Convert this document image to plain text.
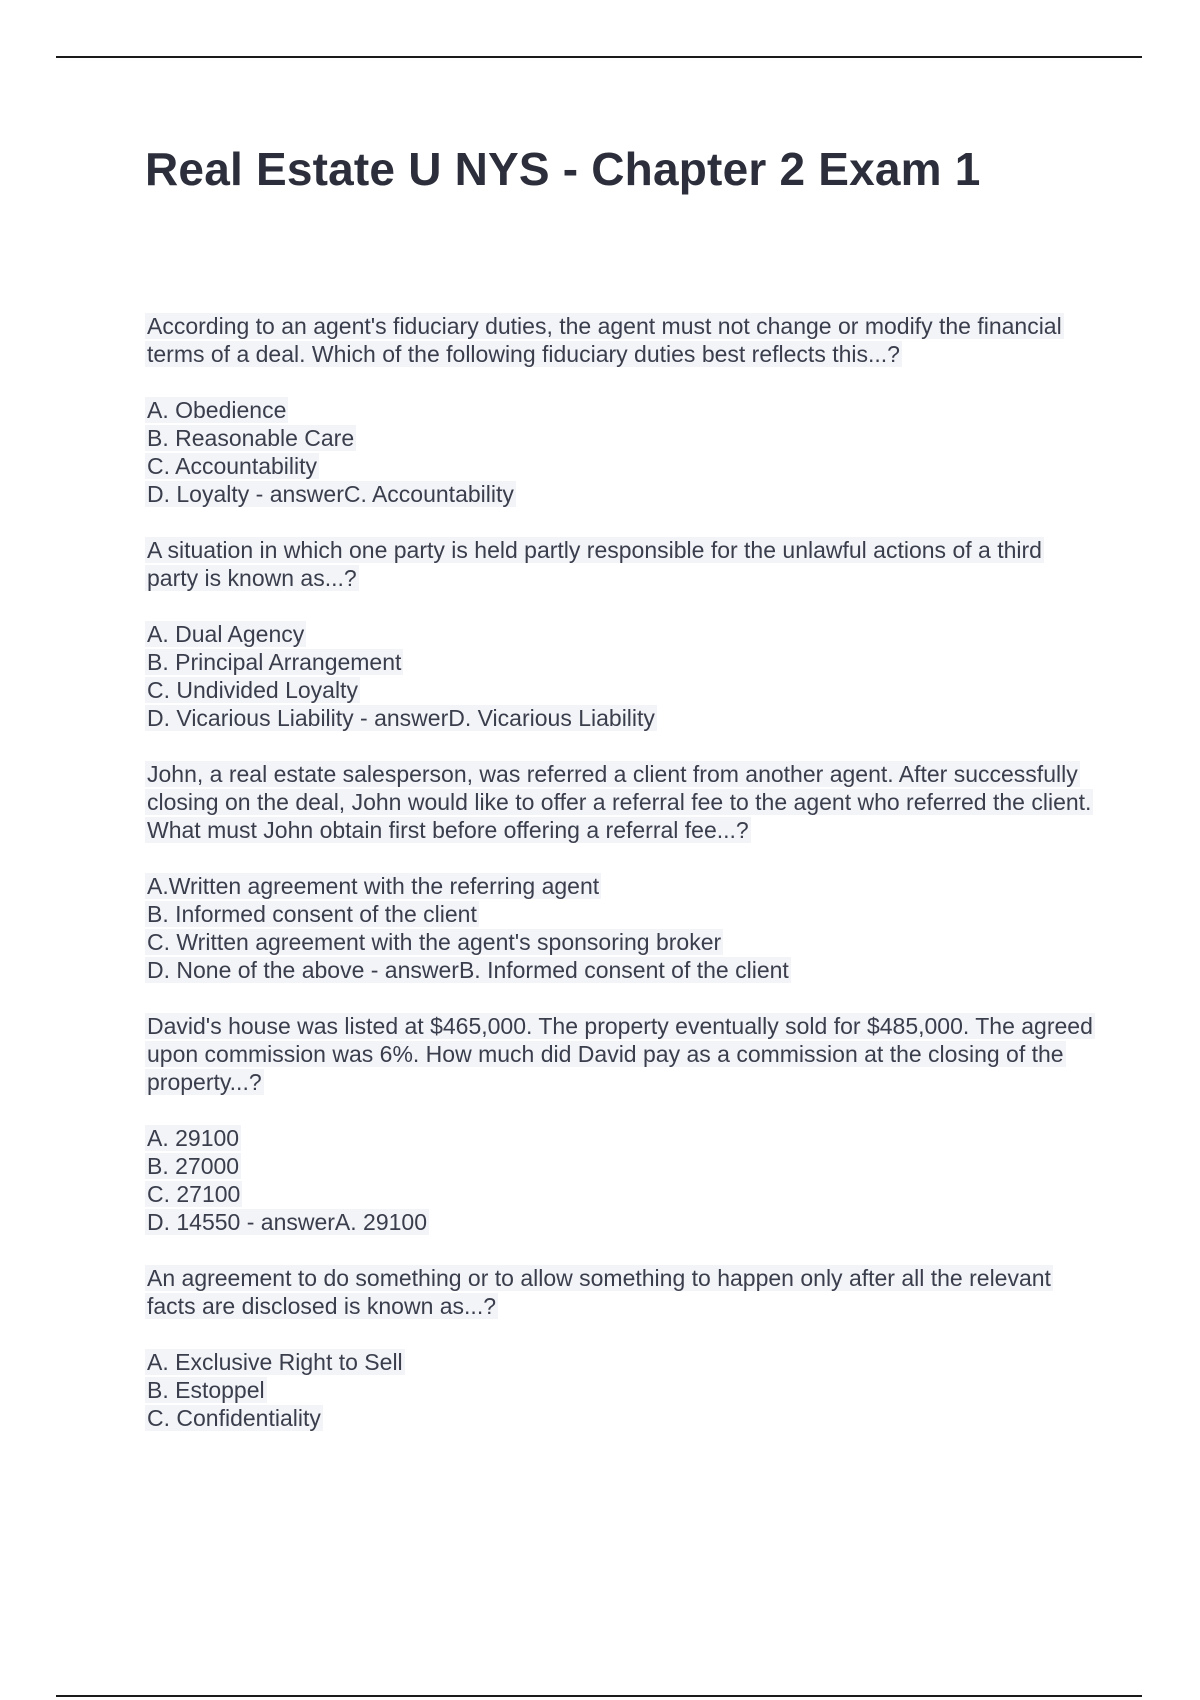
Real Estate U NYS - Chapter 2 Exam 1

According to an agent's fiduciary duties, the agent must not change or modify the financial terms of a deal. Which of the following fiduciary duties best reflects this...?

A. Obedience
B. Reasonable Care
C. Accountability
D. Loyalty - answerC. Accountability

A situation in which one party is held partly responsible for the unlawful actions of a third party is known as...?

A. Dual Agency
B. Principal Arrangement
C. Undivided Loyalty
D. Vicarious Liability - answerD. Vicarious Liability

John, a real estate salesperson, was referred a client from another agent. After successfully closing on the deal, John would like to offer a referral fee to the agent who referred the client. What must John obtain first before offering a referral fee...?

A.Written agreement with the referring agent
B. Informed consent of the client
C. Written agreement with the agent's sponsoring broker
D. None of the above - answerB. Informed consent of the client

David's house was listed at $465,000. The property eventually sold for $485,000. The agreed upon commission was 6%. How much did David pay as a commission at the closing of the property...?

A. 29100
B. 27000
C. 27100
D. 14550 - answerA. 29100

An agreement to do something or to allow something to happen only after all the relevant facts are disclosed is known as...?

A. Exclusive Right to Sell
B. Estoppel
C. Confidentiality
